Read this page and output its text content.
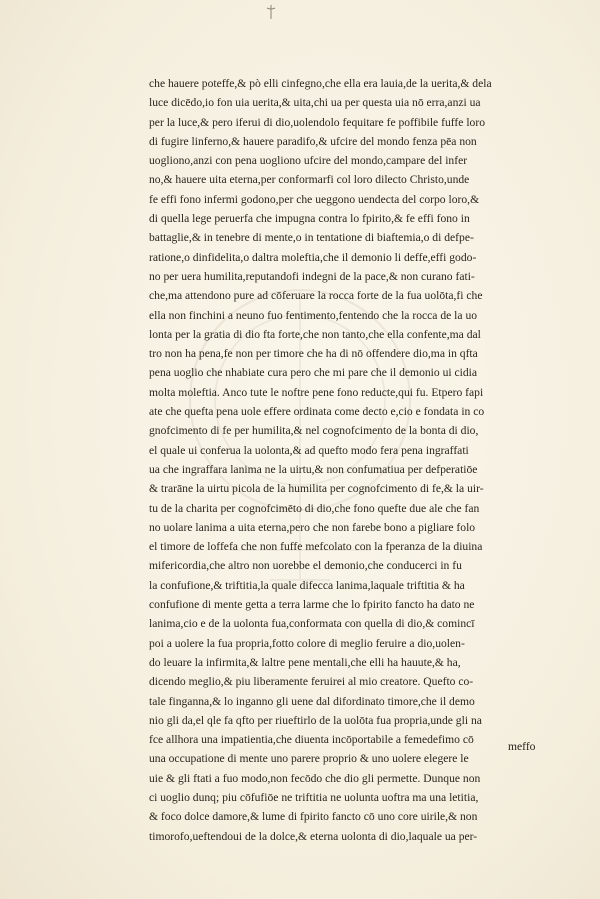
che hauere poteffe,& pò elli cinfegno,che ella era lauia,de la uerita,& dela
luce dicēdo,io fon uia uerita,& uita,chi ua per questa uia nō erra,anzi ua
per la luce,& pero iferui di dio,uolendolo fequitare fe poffibile fuffe loro
di fugire linferno,& hauere paradifo,& ufcire del mondo fenza pēa non
uogliono,anzi con pena uogliono ufcire del mondo,campare del infer
no,& hauere uita eterna,per conformarfi col loro dilecto Christo,unde
fe effi fono infermi godono,per che ueggono uendecta del corpo loro,&
di quella lege peruerfa che impugna contra lo fpirito,& fe effi fono in
battaglie,& in tenebre di mente,o in tentatione di biaftemia,o di defpe-
ratione,o dinfidelita,o daltra moleftia,che il demonio li deffe,effi godo-
no per uera humilita,reputandofi indegni de la pace,& non curano fati-
che,ma attendono pure ad cōferuare la rocca forte de la fua uolōta,fi che
ella non finchini a neuno fuo fentimento,fentendo che la rocca de la uo
lonta per la gratia di dio fta forte,che non tanto,che ella confente,ma dal
tro non ha pena,fe non per timore che ha di nō offendere dio,ma in qfta
pena uoglio che nhabiate cura pero che mi pare che il demonio ui cidia
molta moleftia. Anco tute le noftre pene fono reducte,qui fu. Etpero fapi
ate che quefta pena uole effere ordinata come decto e,cio e fondata in co
gnofcimento di fe per humilita,& nel cognofcimento de la bonta di dio,
el quale ui conferua la uolonta,& ad quefto modo fera pena ingraffati
ua che ingraffara lanima ne la uirtu,& non confumatiua per defperatiōe
& trarāne la uirtu picola de la humilita per cognofcimento di fe,& la uir-
tu de la charita per cognofcimēto di dio,che fono quefte due ale che fan
no uolare lanima a uita eterna,pero che non farebe bono a pigliare folo
el timore de loffefa che non fuffe mefcolato con la fperanza de la diuina
mifericordia,che altro non uorebbe el demonio,che conducerci in fu
la confufione,& triftitia,la quale difecca lanima,laquale triftitia & ha
confufione di mente getta a terra larme che lo fpirito fancto ha dato ne
lanima,cio e de la uolonta fua,conformata con quella di dio,& comincī
poi a uolere la fua propria,fotto colore di meglio feruire a dio,uolen-
do leuare la infirmita,& laltre pene mentali,che elli ha hauute,& ha,
dicendo meglio,& piu liberamente feruirei al mio creatore. Quefto co-
tale finganna,& lo inganno gli uene dal difordinato timore,che il demo
nio gli da,el qle fa qfto per riueftirlo de la uolōta fua propria,unde gli na
fce allhora una impatientia,che diuenta incōportabile a femedefimo cō
una occupatione di mente uno parere proprio & uno uolere elegere le
uie & gli ftati a fuo modo,non fecōdo che dio gli permette. Dunque non
ci uoglio dunq; piu cōfufiōe ne triftitia ne uolunta uoftra ma una letitia,
& foco dolce damore,& lume di fpirito fancto cō uno core uirile,& non
timorofo,ueftendoui de la dolce,& eterna uolonta di dio,laquale ua per-
meffo
